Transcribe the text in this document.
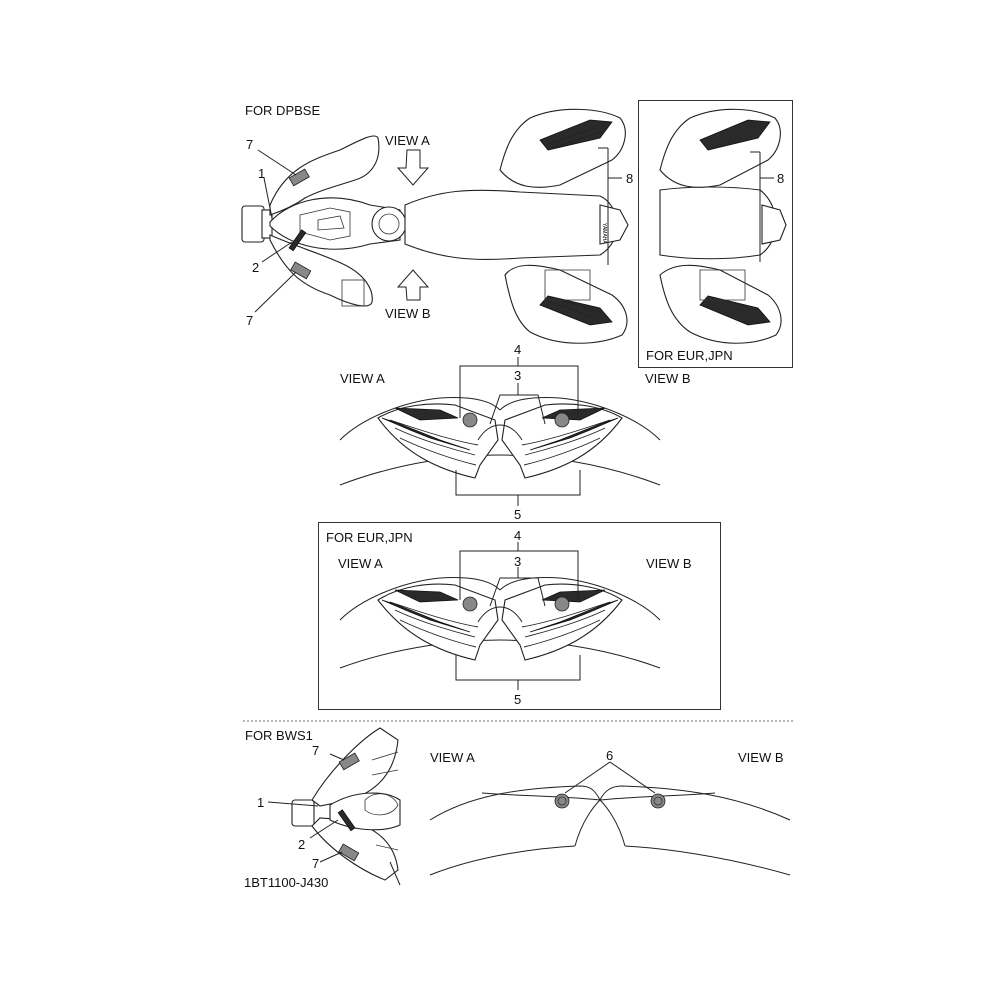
YAMAHA
FOR DPBSE
FOR EUR,JPN
FOR EUR,JPN
FOR BWS1
VIEW A
VIEW B
VIEW A	VIEW B
VIEW A	VIEW B
VIEW A	VIEW B
7
1
2
7
8	8
4
3
5
4
3
5
7
1
2
7
6
1BT1100-J430
